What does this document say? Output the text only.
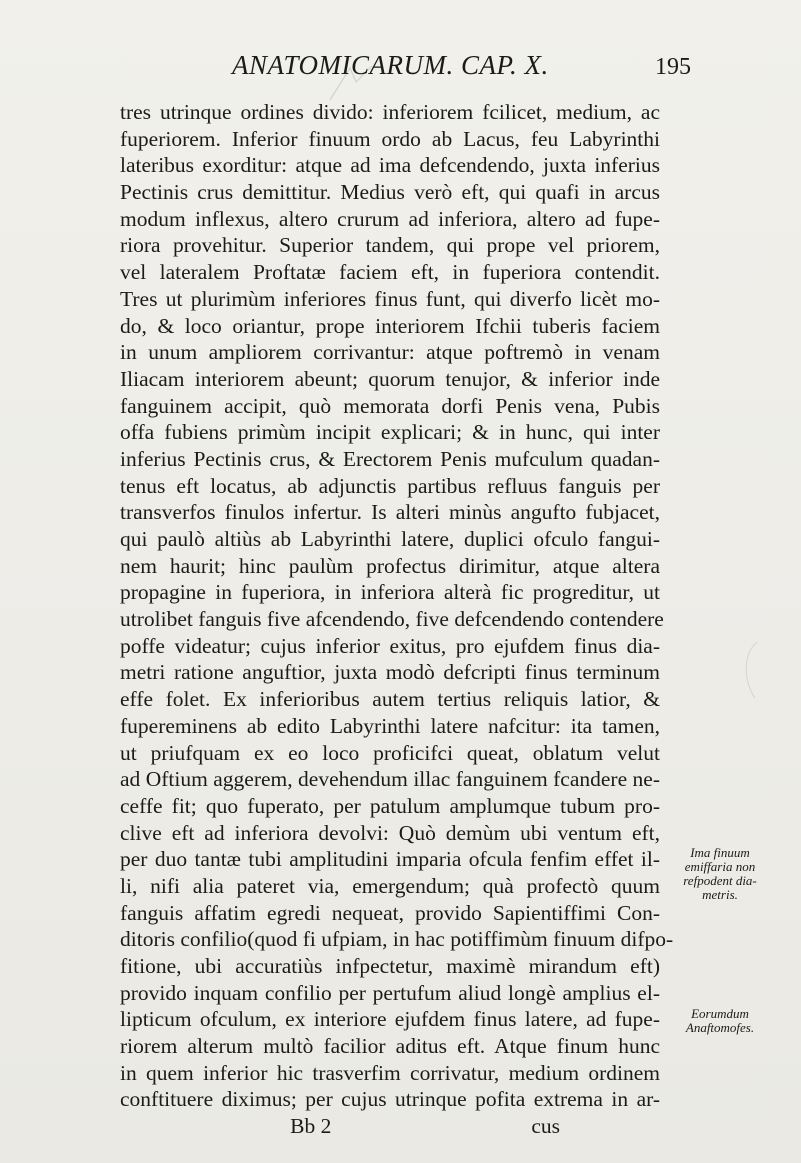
ANATOMICARUM. CAP. X.	195
tres utrinque ordines divido: inferiorem fcilicet, medium, ac
fuperiorem. Inferior finuum ordo ab Lacus, feu Labyrinthi
lateribus exorditur: atque ad ima defcendendo, juxta inferius
Pectinis crus demittitur. Medius verò eft, qui quafi in arcus
modum inflexus, altero crurum ad inferiora, altero ad fupe-
riora provehitur. Superior tandem, qui prope vel priorem,
vel lateralem Proftatæ faciem eft, in fuperiora contendit.
Tres ut plurimùm inferiores finus funt, qui diverfo licèt mo-
do, & loco oriantur, prope interiorem Ifchii tuberis faciem
in unum ampliorem corrivantur: atque poftremò in venam
Iliacam interiorem abeunt; quorum tenujor, & inferior inde
fanguinem accipit, quò memorata dorfi Penis vena, Pubis
offa fubiens primùm incipit explicari; & in hunc, qui inter
inferius Pectinis crus, & Erectorem Penis mufculum quadan-
tenus eft locatus, ab adjunctis partibus refluus fanguis per
transverfos finulos infertur. Is alteri minùs angufto fubjacet,
qui paulò altiùs ab Labyrinthi latere, duplici ofculo fangui-
nem haurit; hinc paulùm profectus dirimitur, atque altera
propagine in fuperiora, in inferiora alterà fic progreditur, ut
utrolibet fanguis five afcendendo, five defcendendo contendere
poffe videatur; cujus inferior exitus, pro ejufdem finus dia-
metri ratione anguftior, juxta modò defcripti finus terminum
effe folet. Ex inferioribus autem tertius reliquis latior, &
fupereminens ab edito Labyrinthi latere nafcitur: ita tamen,
ut priufquam ex eo loco proficifci queat, oblatum velut
ad Oftium aggerem, devehendum illac fanguinem fcandere ne-
ceffe fit; quo fuperato, per patulum amplumque tubum pro-
clive eft ad inferiora devolvi: Quò demùm ubi ventum eft,
per duo tantæ tubi amplitudini imparia ofcula fenfim effet il-
li, nifi alia pateret via, emergendum; quà profectò quum
fanguis affatim egredi nequeat, provido Sapientiffimi Con-
ditoris confilio(quod fi ufpiam, in hac potiffimùm finuum difpo-
fitione, ubi accuratiùs infpectetur, maximè mirandum eft)
provido inquam confilio per pertufum aliud longè amplius el-
lipticum ofculum, ex interiore ejufdem finus latere, ad fupe-
riorem alterum multò facilior aditus eft. Atque finum hunc
in quem inferior hic trasverfim corrivatur, medium ordinem
conftituere diximus; per cujus utrinque pofita extrema in ar-
Bb 2	cus
Ima finuum
emiffaria non
refpodent dia-
metris.
Eorumdum
Anaftomofes.
